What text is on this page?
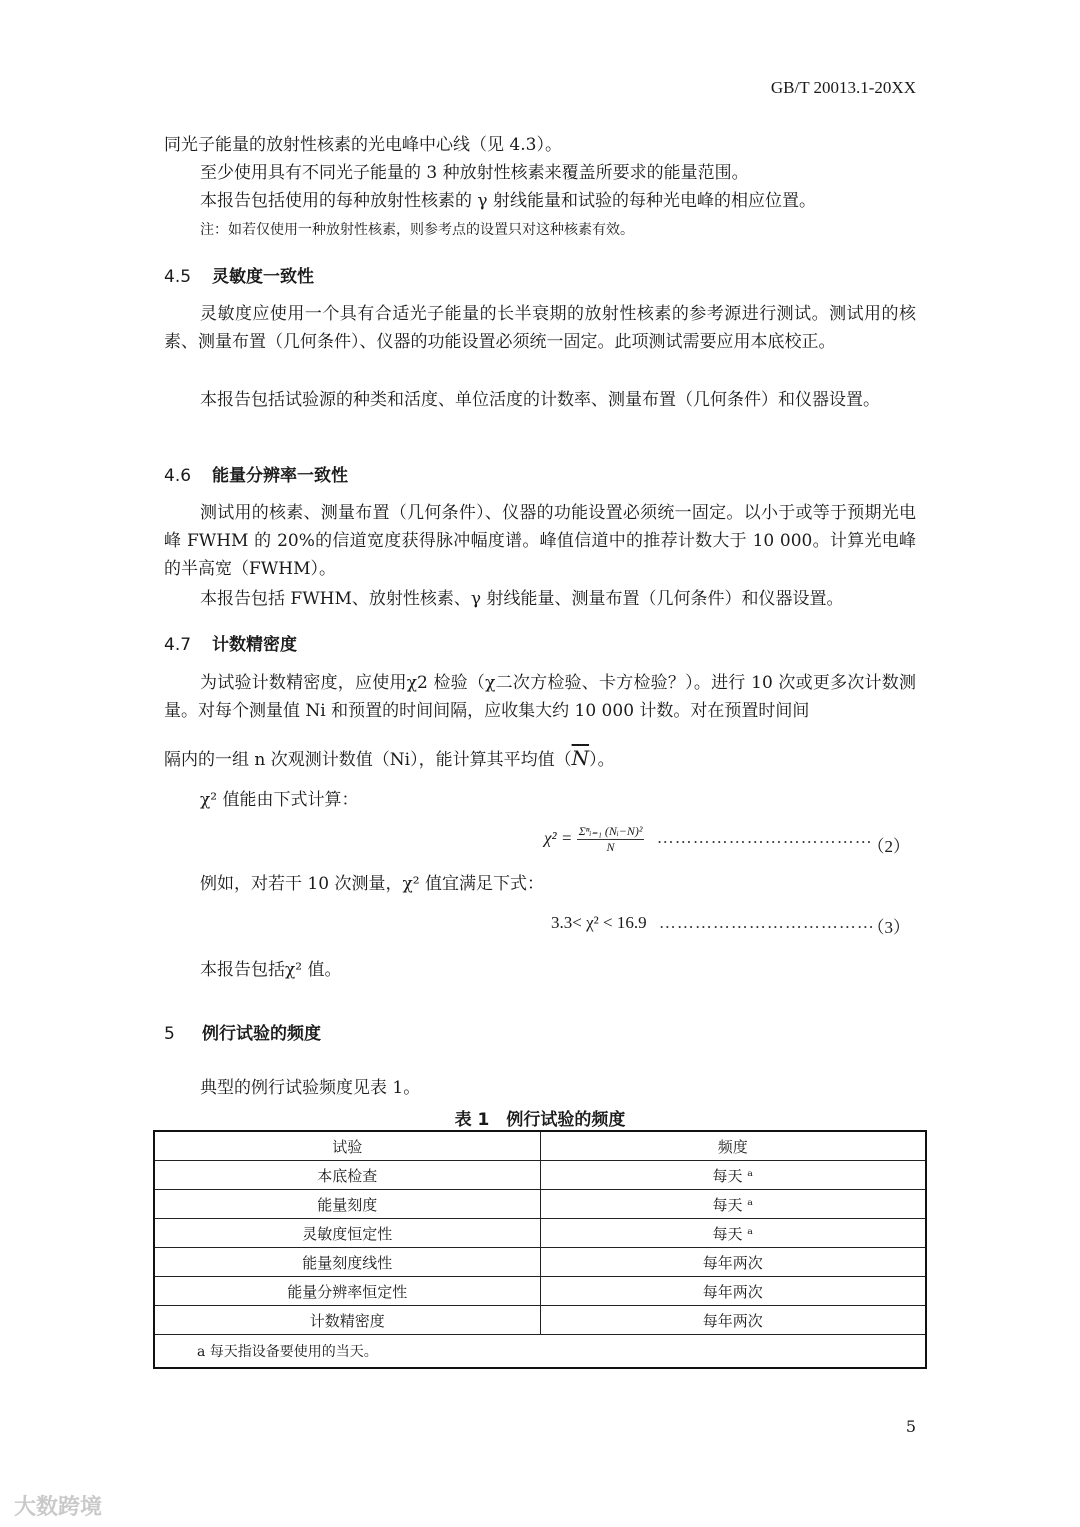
GB/T 20013.1-20XX
同光子能量的放射性核素的光电峰中心线（见 4.3）。
至少使用具有不同光子能量的 3 种放射性核素来覆盖所要求的能量范围。
本报告包括使用的每种放射性核素的 γ 射线能量和试验的每种光电峰的相应位置。
注：如若仅使用一种放射性核素，则参考点的设置只对这种核素有效。
4.5 灵敏度一致性
灵敏度应使用一个具有合适光子能量的长半衰期的放射性核素的参考源进行测试。测试用的核素、测量布置（几何条件）、仪器的功能设置必须统一固定。此项测试需要应用本底校正。
本报告包括试验源的种类和活度、单位活度的计数率、测量布置（几何条件）和仪器设置。
4.6 能量分辨率一致性
测试用的核素、测量布置（几何条件）、仪器的功能设置必须统一固定。以小于或等于预期光电峰 FWHM 的 20%的信道宽度获得脉冲幅度谱。峰值信道中的推荐计数大于 10 000。计算光电峰的半高宽（FWHM）。
本报告包括 FWHM、放射性核素、γ 射线能量、测量布置（几何条件）和仪器设置。
4.7 计数精密度
为试验计数精密度，应使用χ2 检验（χ二次方检验、卡方检验？）。进行 10 次或更多次计数测量。对每个测量值 Ni 和预置的时间间隔，应收集大约 10 000 计数。对在预置时间间
隔内的一组 n 次观测计数值（Ni），能计算其平均值$(\overline{N})$。
χ² 值能由下式计算：
$\chi^2 = \frac{\text{Σⁿᵢ₌₁ (Nᵢ−N)²}}{N}$ ………………………………
（2）
例如，对若干 10 次测量，χ² 值宜满足下式：
3.3< χ² < 16.9 ………………………………
（3）
本报告包括χ² 值。
5 例行试验的频度
典型的例行试验频度见表 1。
表 1　例行试验的频度
试验	频度
本底检查	每天 ᵃ
能量刻度	每天 ᵃ
灵敏度恒定性	每天 ᵃ
能量刻度线性	每年两次
能量分辨率恒定性	每年两次
计数精密度	每年两次
a 每天指设备要使用的当天。	
5
大数跨境
